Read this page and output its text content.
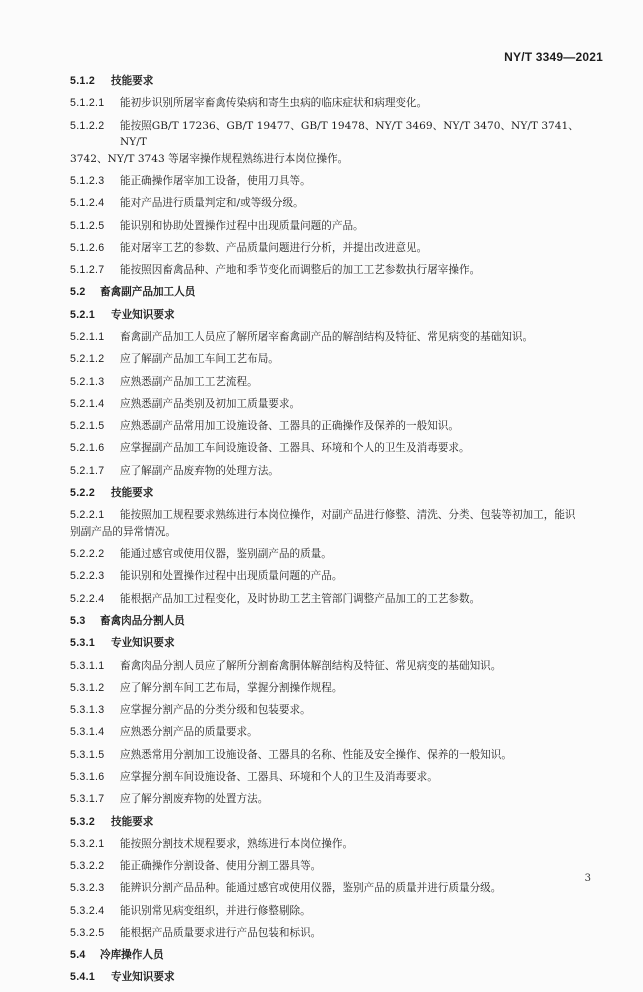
NY/T 3349—2021
5.1.2	技能要求
5.1.2.1	能初步识别所屠宰畜禽传染病和寄生虫病的临床症状和病理变化。
5.1.2.2	能按照GB/T 17236、GB/T 19477、GB/T 19478、NY/T 3469、NY/T 3470、NY/T 3741、NY/T
3742、NY/T 3743 等屠宰操作规程熟练进行本岗位操作。
5.1.2.3	能正确操作屠宰加工设备，使用刀具等。
5.1.2.4	能对产品进行质量判定和/或等级分级。
5.1.2.5	能识别和协助处置操作过程中出现质量问题的产品。
5.1.2.6	能对屠宰工艺的参数、产品质量问题进行分析，并提出改进意见。
5.1.2.7	能按照因畜禽品种、产地和季节变化而调整后的加工工艺参数执行屠宰操作。
5.2	畜禽副产品加工人员
5.2.1	专业知识要求
5.2.1.1	畜禽副产品加工人员应了解所屠宰畜禽副产品的解剖结构及特征、常见病变的基础知识。
5.2.1.2	应了解副产品加工车间工艺布局。
5.2.1.3	应熟悉副产品加工工艺流程。
5.2.1.4	应熟悉副产品类别及初加工质量要求。
5.2.1.5	应熟悉副产品常用加工设施设备、工器具的正确操作及保养的一般知识。
5.2.1.6	应掌握副产品加工车间设施设备、工器具、环境和个人的卫生及消毒要求。
5.2.1.7	应了解副产品废弃物的处理方法。
5.2.2	技能要求
5.2.2.1	能按照加工规程要求熟练进行本岗位操作，对副产品进行修整、清洗、分类、包装等初加工，能识
别副产品的异常情况。
5.2.2.2	能通过感官或使用仪器，鉴别副产品的质量。
5.2.2.3	能识别和处置操作过程中出现质量问题的产品。
5.2.2.4	能根据产品加工过程变化，及时协助工艺主管部门调整产品加工的工艺参数。
5.3	畜禽肉品分割人员
5.3.1	专业知识要求
5.3.1.1	畜禽肉品分割人员应了解所分割畜禽胴体解剖结构及特征、常见病变的基础知识。
5.3.1.2	应了解分割车间工艺布局，掌握分割操作规程。
5.3.1.3	应掌握分割产品的分类分级和包装要求。
5.3.1.4	应熟悉分割产品的质量要求。
5.3.1.5	应熟悉常用分割加工设施设备、工器具的名称、性能及安全操作、保养的一般知识。
5.3.1.6	应掌握分割车间设施设备、工器具、环境和个人的卫生及消毒要求。
5.3.1.7	应了解分割废弃物的处置方法。
5.3.2	技能要求
5.3.2.1	能按照分割技术规程要求，熟练进行本岗位操作。
5.3.2.2	能正确操作分割设备、使用分割工器具等。
5.3.2.3	能辨识分割产品品种。能通过感官或使用仪器，鉴别产品的质量并进行质量分级。
5.3.2.4	能识别常见病变组织，并进行修整剔除。
5.3.2.5	能根据产品质量要求进行产品包装和标识。
5.4	冷库操作人员
5.4.1	专业知识要求
3
